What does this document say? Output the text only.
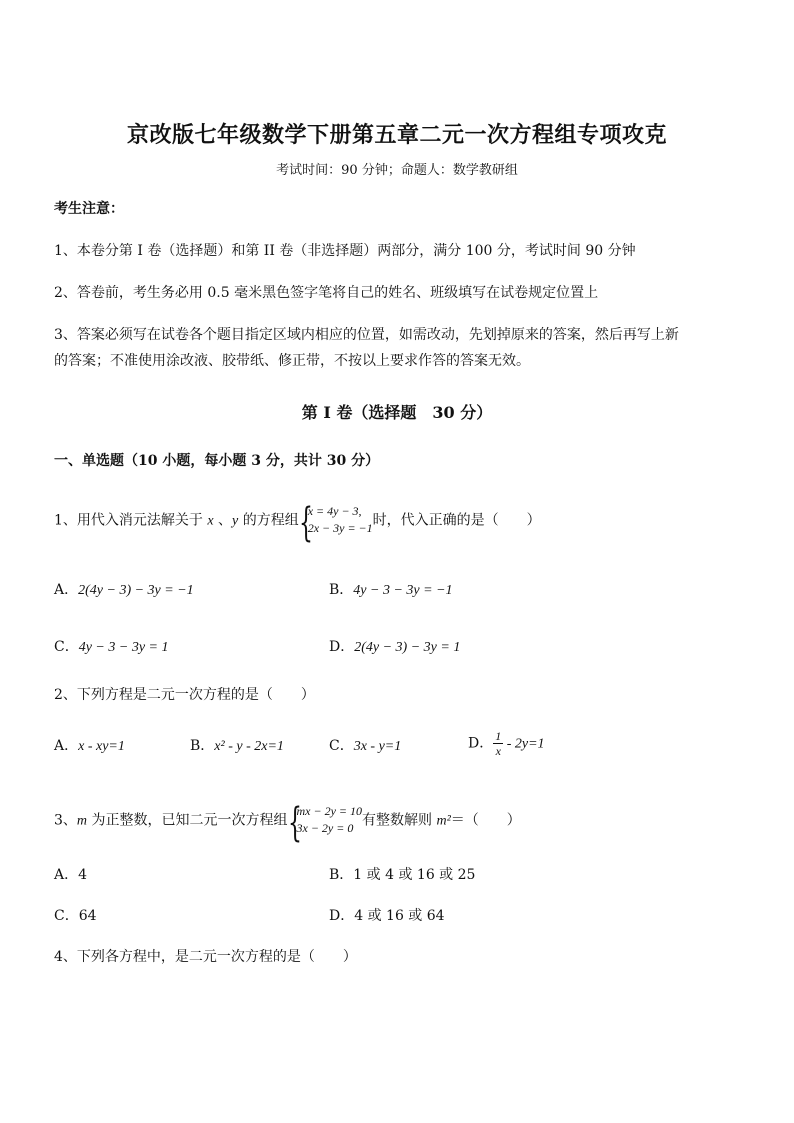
京改版七年级数学下册第五章二元一次方程组专项攻克
考试时间：90 分钟；命题人：数学教研组
考生注意：
1、本卷分第 I 卷（选择题）和第 II 卷（非选择题）两部分，满分 100 分，考试时间 90 分钟
2、答卷前，考生务必用 0.5 毫米黑色签字笔将自己的姓名、班级填写在试卷规定位置上
3、答案必须写在试卷各个题目指定区域内相应的位置，如需改动，先划掉原来的答案，然后再写上新
的答案；不准使用涂改液、胶带纸、修正带，不按以上要求作答的答案无效。
第 I 卷（选择题　30 分）
一、单选题（10 小题，每小题 3 分，共计 30 分）
1、用代入消元法解关于 x 、y 的方程组 {
x = 4y − 3,
2x − 3y = −1 时，代入正确的是（　　）
A．2(4y − 3) − 3y = −1	B．4y − 3 − 3y = −1
C．4y − 3 − 3y = 1	D．2(4y − 3) − 3y = 1
2、下列方程是二元一次方程的是（　　）
A．x - xy=1	B．x² - y - 2x=1	C．3x - y=1	D． $\frac{1}{x} - 2y=1$
3、m 为正整数，已知二元一次方程组 {
mx − 2y = 10
3x − 2y = 0 有整数解则 m²＝（　　）
A．4	B．1 或 4 或 16 或 25
C．64	D．4 或 16 或 64
4、下列各方程中，是二元一次方程的是（　　）
